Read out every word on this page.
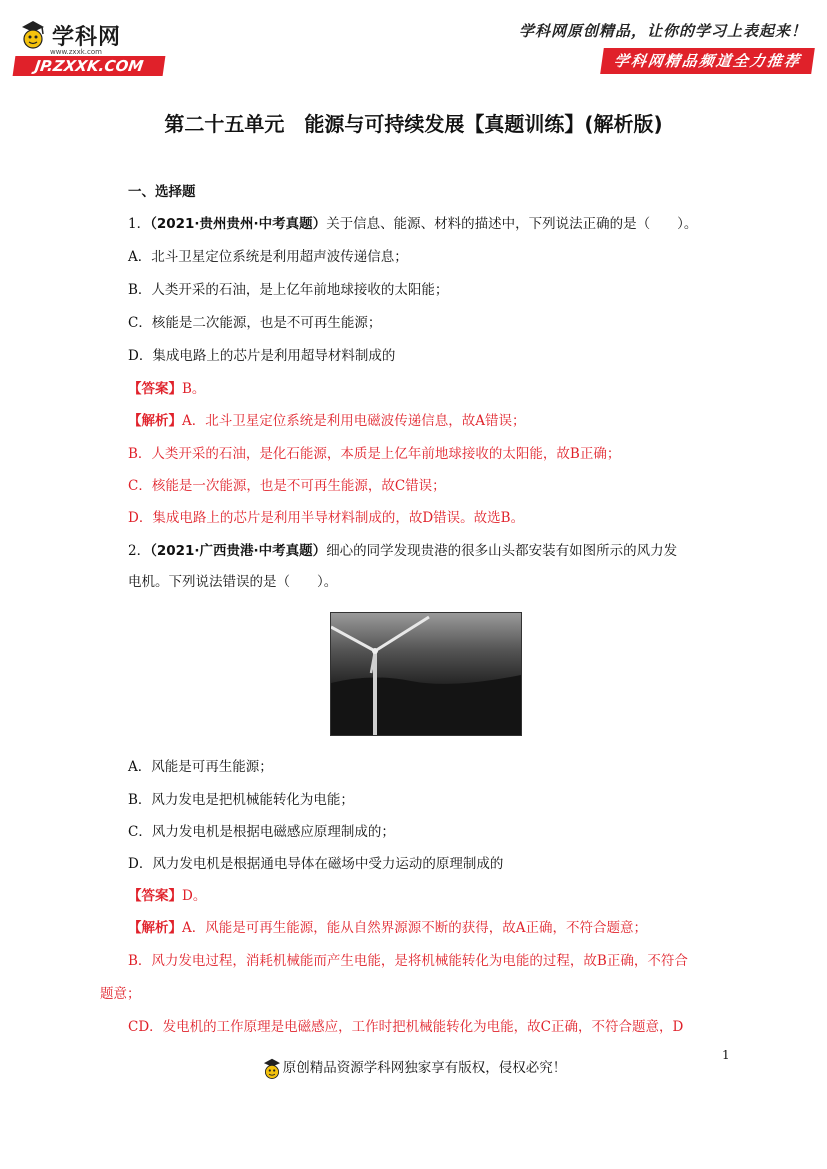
学科网
www.zxxk.com
JP.ZXXK.COM
学科网原创精品，让你的学习上表起来！
学科网精品频道全力推荐
第二十五单元　能源与可持续发展【真题训练】(解析版)
一、选择题
1．（2021·贵州贵州·中考真题）关于信息、能源、材料的描述中，下列说法正确的是（　　）。
A．北斗卫星定位系统是利用超声波传递信息；
B．人类开采的石油，是上亿年前地球接收的太阳能；
C．核能是二次能源，也是不可再生能源；
D．集成电路上的芯片是利用超导材料制成的
【答案】B。
【解析】A．北斗卫星定位系统是利用电磁波传递信息，故A错误；
B．人类开采的石油，是化石能源，本质是上亿年前地球接收的太阳能，故B正确；
C．核能是一次能源，也是不可再生能源，故C错误；
D．集成电路上的芯片是利用半导材料制成的，故D错误。故选B。
2．（2021·广西贵港·中考真题）细心的同学发现贵港的很多山头都安装有如图所示的风力发
电机。下列说法错误的是（　　）。
A．风能是可再生能源；
B．风力发电是把机械能转化为电能；
C．风力发电机是根据电磁感应原理制成的；
D．风力发电机是根据通电导体在磁场中受力运动的原理制成的
【答案】D。
【解析】A．风能是可再生能源，能从自然界源源不断的获得，故A正确，不符合题意；
B．风力发电过程，消耗机械能而产生电能，是将机械能转化为电能的过程，故B正确，不符合
题意；
CD．发电机的工作原理是电磁感应，工作时把机械能转化为电能，故C正确，不符合题意，D
1
原创精品资源学科网独家享有版权，侵权必究！
